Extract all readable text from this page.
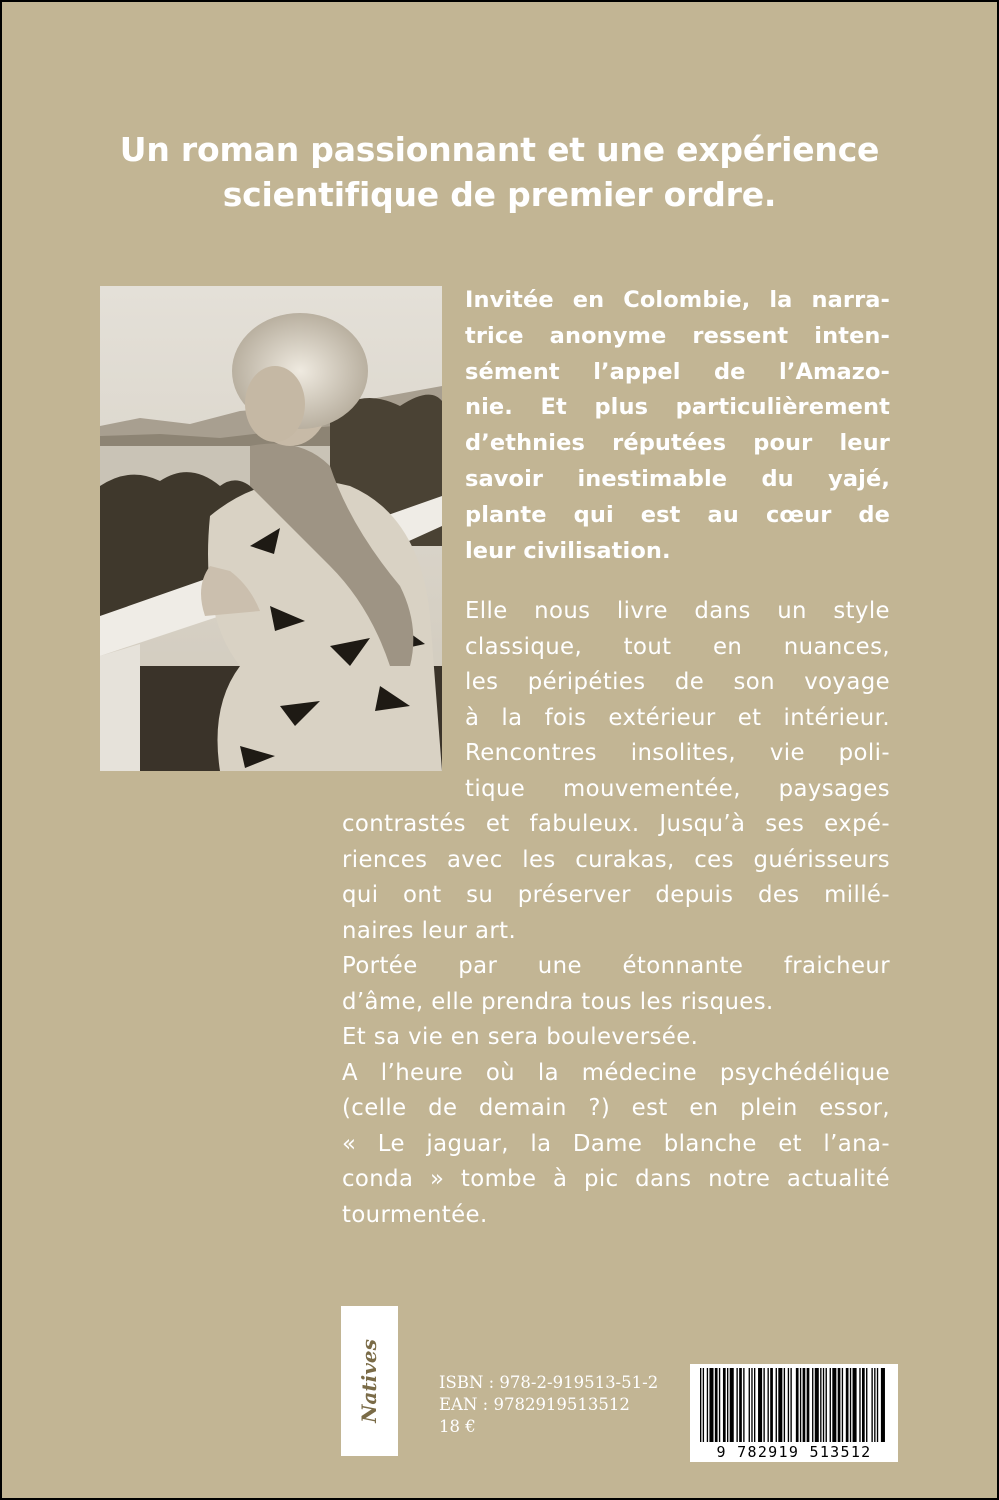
Un roman passionnant et une expérience
scientifique de premier ordre.
Invitée en Colombie, la narra-
trice anonyme ressent inten-
sément l’appel de l’Amazo-
nie. Et plus particulièrement
d’ethnies réputées pour leur
savoir inestimable du yajé,
plante qui est au cœur de
leur civilisation.
Elle nous livre dans un style
classique, tout en nuances,
les péripéties de son voyage
à la fois extérieur et intérieur.
Rencontres insolites, vie poli-
tique mouvementée, paysages
contrastés et fabuleux. Jusqu’à ses expé-
riences avec les curakas, ces guérisseurs
qui ont su préserver depuis des millé-
naires leur art.
Portée par une étonnante fraicheur
d’âme, elle prendra tous les risques.
Et sa vie en sera bouleversée.
A l’heure où la médecine psychédélique
(celle de demain ?) est en plein essor,
« Le jaguar, la Dame blanche et l’ana-
conda » tombe à pic dans notre actualité
tourmentée.
Natives	ISBN : 978-2-919513-51-2
EAN : 9782919513512
18 €
9 782919 513512
